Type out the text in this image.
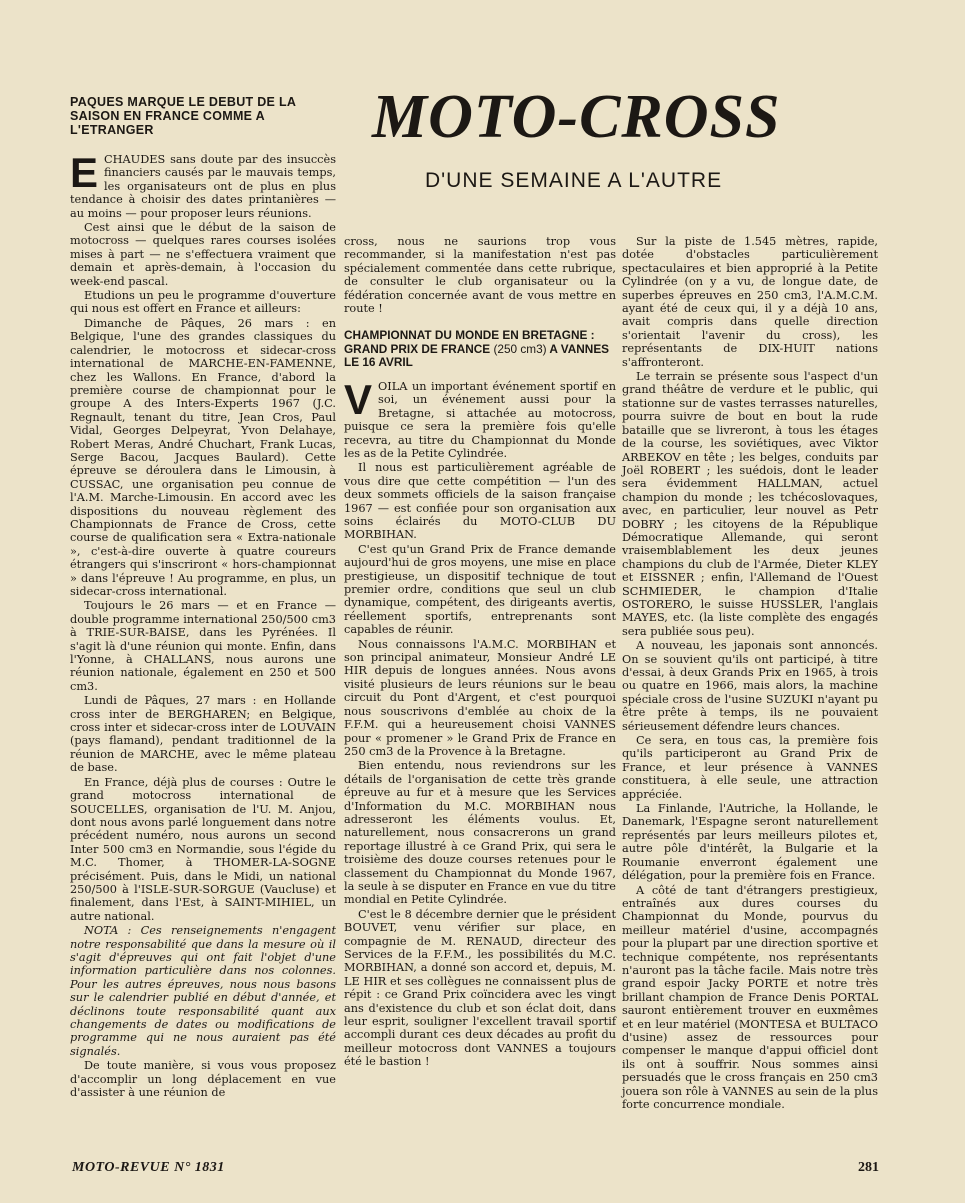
PAQUES MARQUE LE DEBUT DE LA SAISON EN FRANCE COMME A L'ETRANGER	MOTO-CROSS
D'UNE SEMAINE A L'AUTRE

ECHAUDES sans doute par des insuccès financiers causés par le mauvais temps, les organisateurs ont de plus en plus tendance à choisir des dates printanières — au moins — pour proposer leurs réunions.

Cest ainsi que le début de la saison de motocross — quelques rares courses isolées mises à part — ne s'effectuera vraiment que demain et après-demain, à l'occasion du week-end pascal.

Etudions un peu le programme d'ouverture qui nous est offert en France et ailleurs:

Dimanche de Pâques, 26 mars : en Belgique, l'une des grandes classiques du calendrier, le motocross et sidecar-cross international de MARCHE-EN-FAMENNE, chez les Wallons. En France, d'abord la première course de championnat pour le groupe A des Inters-Experts 1967 (J.C. Regnault, tenant du titre, Jean Cros, Paul Vidal, Georges Delpeyrat, Yvon Delahaye, Robert Meras, André Chuchart, Frank Lucas, Serge Bacou, Jacques Baulard). Cette épreuve se déroulera dans le Limousin, à CUSSAC, une organisation peu connue de l'A.M. Marche-Limousin. En accord avec les dispositions du nouveau règlement des Championnats de France de Cross, cette course de qualification sera « Extra-nationale », c'est-à-dire ouverte à quatre coureurs étrangers qui s'inscriront « hors-championnat » dans l'épreuve ! Au programme, en plus, un sidecar-cross international.

Toujours le 26 mars — et en France — double programme international 250/500 cm3 à TRIE-SUR-BAISE, dans les Pyrénées. Il s'agit là d'une réunion qui monte. Enfin, dans l'Yonne, à CHALLANS, nous aurons une réunion nationale, également en 250 et 500 cm3.

Lundi de Pâques, 27 mars : en Hollande cross inter de BERGHAREN; en Belgique, cross inter et sidecar-cross inter de LOUVAIN (pays flamand), pendant traditionnel de la réunion de MARCHE, avec le même plateau de base.

En France, déjà plus de courses : Outre le grand motocross international de SOUCELLES, organisation de l'U. M. Anjou, dont nous avons parlé longuement dans notre précédent numéro, nous aurons un second Inter 500 cm3 en Normandie, sous l'égide du M.C. Thomer, à THOMER-LA-SOGNE précisément. Puis, dans le Midi, un national 250/500 à l'ISLE-SUR-SORGUE (Vaucluse) et finalement, dans l'Est, à SAINT-MIHIEL, un autre national.

NOTA : Ces renseignements n'engagent notre responsabilité que dans la mesure où il s'agit d'épreuves qui ont fait l'objet d'une information particulière dans nos colonnes. Pour les autres épreuves, nous nous basons sur le calendrier publié en début d'année, et déclinons toute responsabilité quant aux changements de dates ou modifications de programme qui ne nous auraient pas été signalés.

De toute manière, si vous vous proposez d'accomplir un long déplacement en vue d'assister à une réunion de

cross, nous ne saurions trop vous recommander, si la manifestation n'est pas spécialement commentée dans cette rubrique, de consulter le club organisateur ou la fédération concernée avant de vous mettre en route !

CHAMPIONNAT DU MONDE EN BRETAGNE : GRAND PRIX DE FRANCE (250 cm3) A VANNES LE 16 AVRIL

VOILA un important événement sportif en soi, un événement aussi pour la Bretagne, si attachée au motocross, puisque ce sera la première fois qu'elle recevra, au titre du Championnat du Monde les as de la Petite Cylindrée.

Il nous est particulièrement agréable de vous dire que cette compétition — l'un des deux sommets officiels de la saison française 1967 — est confiée pour son organisation aux soins éclairés du MOTO-CLUB DU MORBIHAN.

C'est qu'un Grand Prix de France demande aujourd'hui de gros moyens, une mise en place prestigieuse, un dispositif technique de tout premier ordre, conditions que seul un club dynamique, compétent, des dirigeants avertis, réellement sportifs, entreprenants sont capables de réunir.

Nous connaissons l'A.M.C. MORBIHAN et son principal animateur, Monsieur André LE HIR depuis de longues années. Nous avons visité plusieurs de leurs réunions sur le beau circuit du Pont d'Argent, et c'est pourquoi nous souscrivons d'emblée au choix de la F.F.M. qui a heureusement choisi VANNES pour « promener » le Grand Prix de France en 250 cm3 de la Provence à la Bretagne.

Bien entendu, nous reviendrons sur les détails de l'organisation de cette très grande épreuve au fur et à mesure que les Services d'Information du M.C. MORBIHAN nous adresseront les éléments voulus. Et, naturellement, nous consacrerons un grand reportage illustré à ce Grand Prix, qui sera le troisième des douze courses retenues pour le classement du Championnat du Monde 1967, la seule à se disputer en France en vue du titre mondial en Petite Cylindrée.

C'est le 8 décembre dernier que le président BOUVET, venu vérifier sur place, en compagnie de M. RENAUD, directeur des Services de la F.F.M., les possibilités du M.C. MORBIHAN, a donné son accord et, depuis, M. LE HIR et ses collègues ne connaissent plus de répit : ce Grand Prix coïncidera avec les vingt ans d'existence du club et son éclat doit, dans leur esprit, souligner l'excellent travail sportif accompli durant ces deux décades au profit du meilleur motocross dont VANNES a toujours été le bastion !

Sur la piste de 1.545 mètres, rapide, dotée d'obstacles particulièrement spectaculaires et bien approprié à la Petite Cylindrée (on y a vu, de longue date, de superbes épreuves en 250 cm3, l'A.M.C.M. ayant été de ceux qui, il y a déjà 10 ans, avait compris dans quelle direction s'orientait l'avenir du cross), les représentants de DIX-HUIT nations s'affronteront.

Le terrain se présente sous l'aspect d'un grand théâtre de verdure et le public, qui stationne sur de vastes terrasses naturelles, pourra suivre de bout en bout la rude bataille que se livreront, à tous les étages de la course, les soviétiques, avec Viktor ARBEKOV en tête ; les belges, conduits par Joël ROBERT ; les suédois, dont le leader sera évidemment HALLMAN, actuel champion du monde ; les tchécoslovaques, avec, en particulier, leur nouvel as Petr DOBRY ; les citoyens de la République Démocratique Allemande, qui seront vraisemblablement les deux jeunes champions du club de l'Armée, Dieter KLEY et EISSNER ; enfin, l'Allemand de l'Ouest SCHMIEDER, le champion d'Italie OSTORERO, le suisse HUSSLER, l'anglais MAYES, etc. (la liste complète des engagés sera publiée sous peu).

A nouveau, les japonais sont annoncés. On se souvient qu'ils ont participé, à titre d'essai, à deux Grands Prix en 1965, à trois ou quatre en 1966, mais alors, la machine spéciale cross de l'usine SUZUKI n'ayant pu être prête à temps, ils ne pouvaient sérieusement défendre leurs chances.

Ce sera, en tous cas, la première fois qu'ils participeront au Grand Prix de France, et leur présence à VANNES constituera, à elle seule, une attraction appréciée.

La Finlande, l'Autriche, la Hollande, le Danemark, l'Espagne seront naturellement représentés par leurs meilleurs pilotes et, autre pôle d'intérêt, la Bulgarie et la Roumanie enverront également une délégation, pour la première fois en France.

A côté de tant d'étrangers prestigieux, entraînés aux dures courses du Championnat du Monde, pourvus du meilleur matériel d'usine, accompagnés pour la plupart par une direction sportive et technique compétente, nos représentants n'auront pas la tâche facile. Mais notre très grand espoir Jacky PORTE et notre très brillant champion de France Denis PORTAL sauront entièrement trouver en euxmêmes et en leur matériel (MONTESA et BULTACO d'usine) assez de ressources pour compenser le manque d'appui officiel dont ils ont à souffrir. Nous sommes ainsi persuadés que le cross français en 250 cm3 jouera son rôle à VANNES au sein de la plus forte concurrence mondiale.

MOTO-REVUE N° 1831	281
